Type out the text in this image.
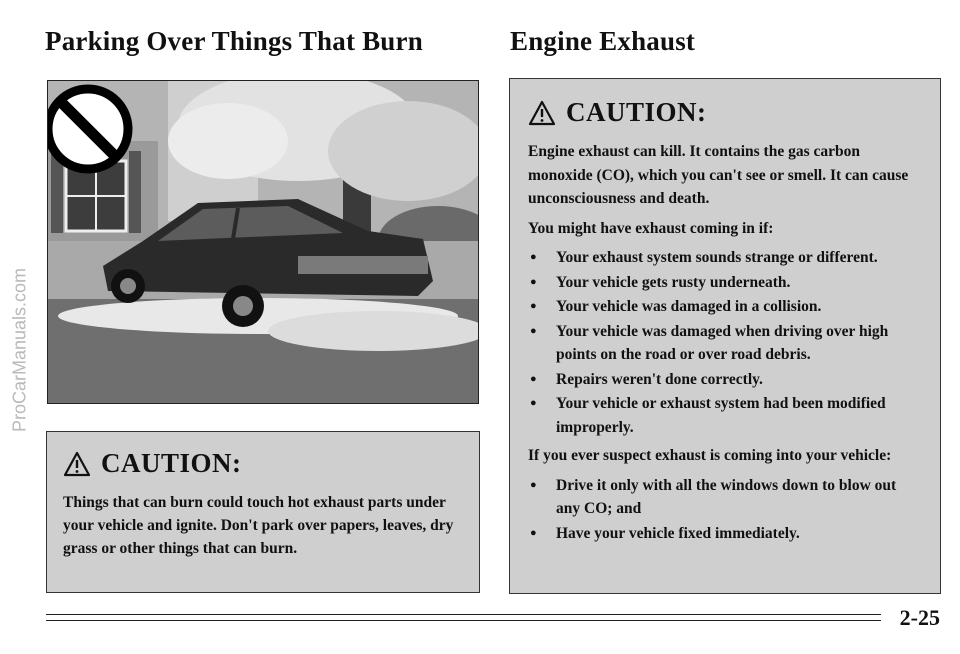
Parking Over Things That Burn	Engine Exhaust
ProCarManuals.com
CAUTION:

Things that can burn could touch hot exhaust parts under your vehicle and ignite. Don't park over papers, leaves, dry grass or other things that can burn.

CAUTION:

Engine exhaust can kill. It contains the gas carbon monoxide (CO), which you can't see or smell. It can cause unconsciousness and death.

You might have exhaust coming in if:

● Your exhaust system sounds strange or different.
● Your vehicle gets rusty underneath.
● Your vehicle was damaged in a collision.
● Your vehicle was damaged when driving over high points on the road or over road debris.
● Repairs weren't done correctly.
● Your vehicle or exhaust system had been modified improperly.

If you ever suspect exhaust is coming into your vehicle:

● Drive it only with all the windows down to blow out any CO; and
● Have your vehicle fixed immediately.
2-25
